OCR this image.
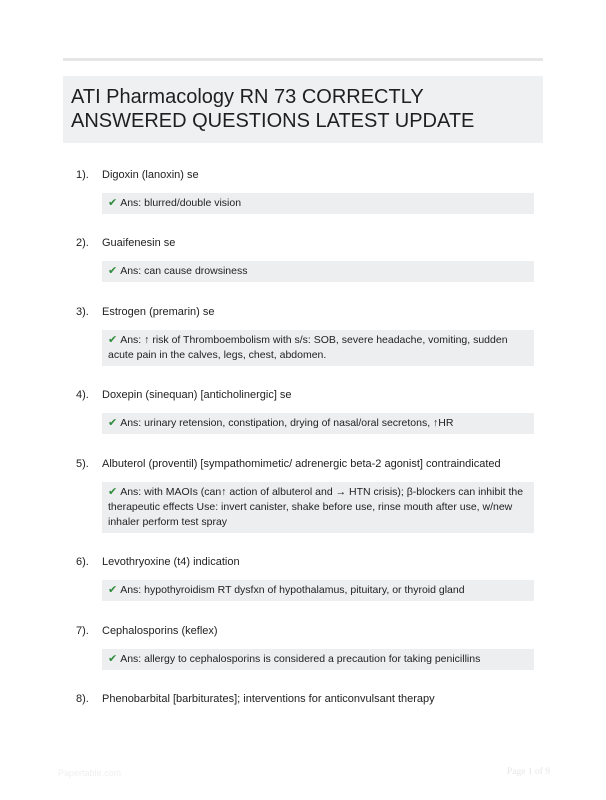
ATI Pharmacology RN 73 CORRECTLY
ANSWERED QUESTIONS LATEST UPDATE
1). Digoxin (lanoxin) se
✔ Ans: blurred/double vision
2). Guaifenesin se
✔ Ans: can cause drowsiness
3). Estrogen (premarin) se
✔ Ans: ↑ risk of Thromboembolism with s/s: SOB, severe headache, vomiting, sudden acute pain in the calves, legs, chest, abdomen.
4). Doxepin (sinequan) [anticholinergic] se
✔ Ans: urinary retension, constipation, drying of nasal/oral secretons, ↑HR
5). Albuterol (proventil) [sympathomimetic/ adrenergic beta-2 agonist] contraindicated
✔ Ans: with MAOIs (can↑ action of albuterol and → HTN crisis); β-blockers can inhibit the therapeutic effects Use: invert canister, shake before use, rinse mouth after use, w/new inhaler perform test spray
6). Levothryoxine (t4) indication
✔ Ans: hypothyroidism RT dysfxn of hypothalamus, pituitary, or thyroid gland
7). Cephalosporins (keflex)
✔ Ans: allergy to cephalosporins is considered a precaution for taking penicillins
8). Phenobarbital [barbiturates]; interventions for anticonvulsant therapy
Papertable.com	Page 1 of 9
